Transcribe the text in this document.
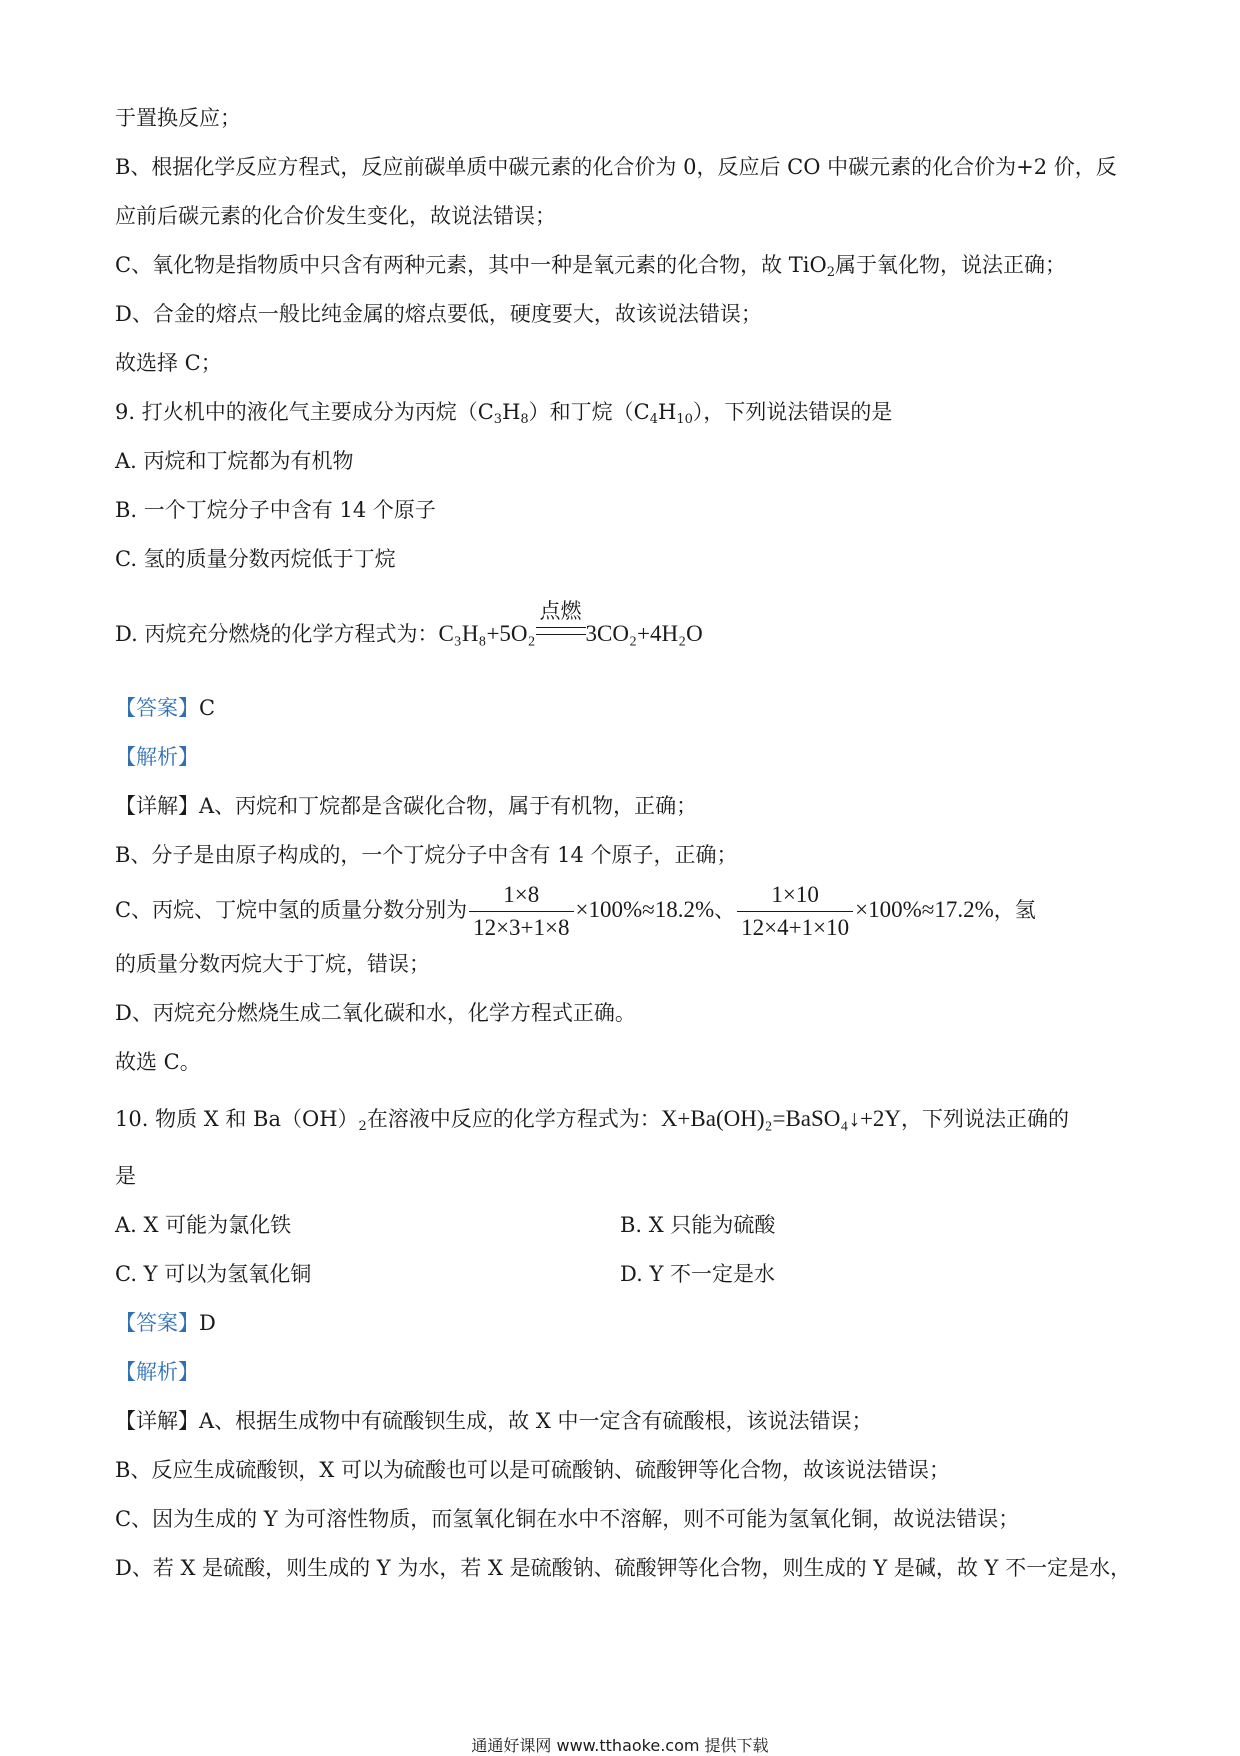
于置换反应；
B、根据化学反应方程式，反应前碳单质中碳元素的化合价为 0，反应后 CO 中碳元素的化合价为+2 价，反
应前后碳元素的化合价发生变化，故说法错误；
C、氧化物是指物质中只含有两种元素，其中一种是氧元素的化合物，故 TiO$_2$属于氧化物，说法正确；
D、合金的熔点一般比纯金属的熔点要低，硬度要大，故该说法错误；
故选择 C；
9. 打火机中的液化气主要成分为丙烷$(C_3H_8)$和丁烷$(C_4H_{10})$，下列说法错误的是
A. 丙烷和丁烷都为有机物
B. 一个丁烷分子中含有 14 个原子
C. 氢的质量分数丙烷低于丁烷
D. 丙烷充分燃烧的化学方程式为：C₃H₈+5O₂
点燃
3CO₂+4H₂O
【答案】C
【解析】
【详解】A、丙烷和丁烷都是含碳化合物，属于有机物，正确；
B、分子是由原子构成的，一个丁烷分子中含有 14 个原子，正确；
C、丙烷、丁烷中氢的质量分数分别为 $\frac{1\times 8}{12\times 3+1\times 8} \times 100\%\approx 18.2\%$、 $\frac{1\times 10}{12\times 4+1\times 10} \times 100\%\approx 17.2\%$，氢
的质量分数丙烷大于丁烷，错误；
D、丙烷充分燃烧生成二氧化碳和水，化学方程式正确。
故选 C。
10. 物质 X 和 $Ba(OH)_2$在溶液中反应的化学方程式为：X+Ba(OH)₂=BaSO₄↓+2Y，下列说法正确的
是
A. X 可能为氯化铁	B. X 只能为硫酸
C. Y 可以为氢氧化铜	D. Y 不一定是水
【答案】D
【解析】
【详解】A、根据生成物中有硫酸钡生成，故 X 中一定含有硫酸根，该说法错误；
B、反应生成硫酸钡，X 可以为硫酸也可以是可硫酸钠、硫酸钾等化合物，故该说法错误；
C、因为生成的 Y 为可溶性物质，而氢氧化铜在水中不溶解，则不可能为氢氧化铜，故说法错误；
D、若 X 是硫酸，则生成的 Y 为水，若 X 是硫酸钠、硫酸钾等化合物，则生成的 Y 是碱，故 Y 不一定是水，
通通好课网 www.tthaoke.com 提供下载
